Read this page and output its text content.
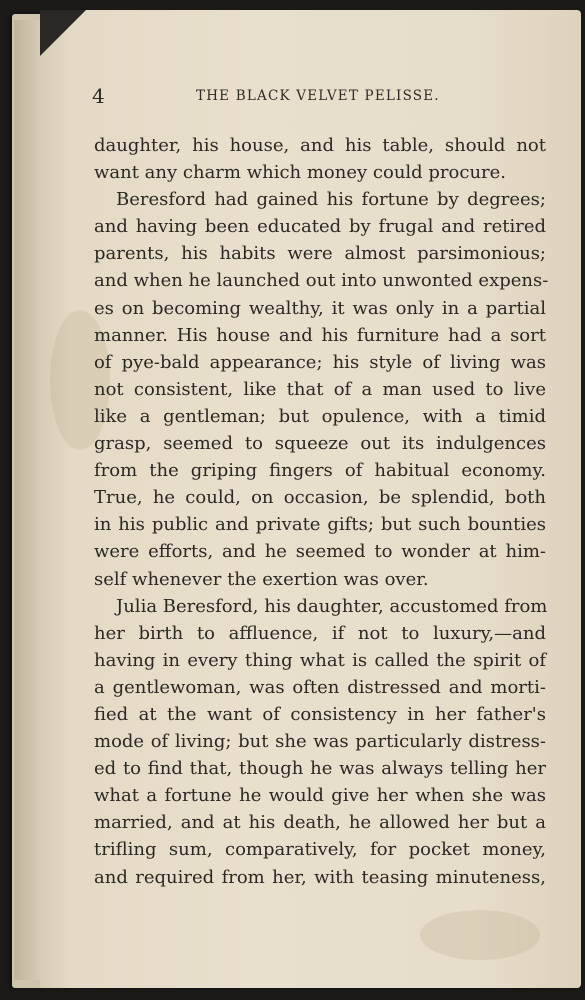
4	THE BLACK VELVET PELISSE.
daughter, his house, and his table, should not
want any charm which money could procure.
Beresford had gained his fortune by degrees;
and having been educated by frugal and retired
parents, his habits were almost parsimonious;
and when he launched out into unwonted expens-
es on becoming wealthy, it was only in a partial
manner. His house and his furniture had a sort
of pye-bald appearance; his style of living was
not consistent, like that of a man used to live
like a gentleman; but opulence, with a timid
grasp, seemed to squeeze out its indulgences
from the griping fingers of habitual economy.
True, he could, on occasion, be splendid, both
in his public and private gifts; but such bounties
were efforts, and he seemed to wonder at him-
self whenever the exertion was over.
Julia Beresford, his daughter, accustomed from
her birth to affluence, if not to luxury,—and
having in every thing what is called the spirit of
a gentlewoman, was often distressed and morti-
fied at the want of consistency in her father's
mode of living; but she was particularly distress-
ed to find that, though he was always telling her
what a fortune he would give her when she was
married, and at his death, he allowed her but a
trifling sum, comparatively, for pocket money,
and required from her, with teasing minuteness,
